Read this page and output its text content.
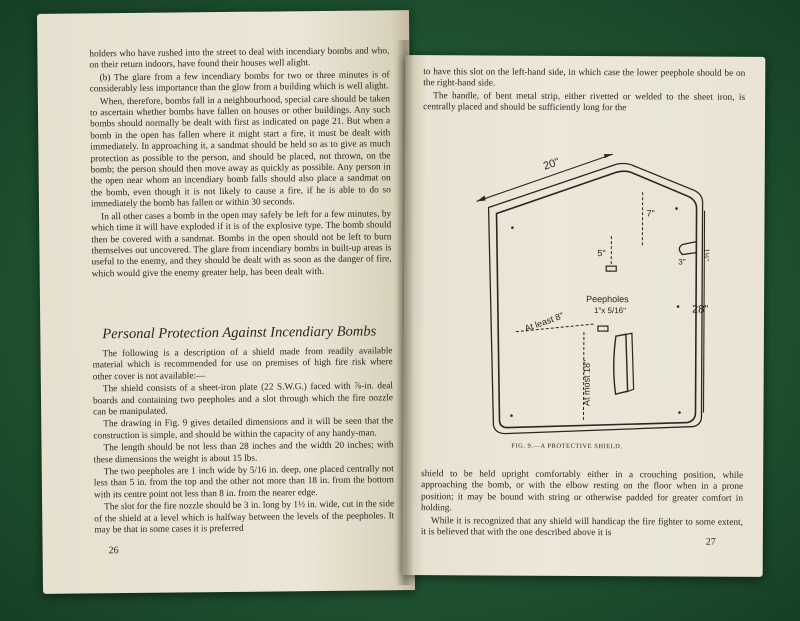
holders who have rushed into the street to deal with incendiary bombs and who, on their return indoors, have found their houses well alight.

(b) The glare from a few incendiary bombs for two or three minutes is of considerably less importance than the glow from a building which is well alight.

When, therefore, bombs fall in a neighbourhood, special care should be taken to ascertain whether bombs have fallen on houses or other buildings. Any such bombs should normally be dealt with first as indicated on page 21. But when a bomb in the open has fallen where it might start a fire, it must be dealt with immediately. In approaching it, a sandmat should be held so as to give as much protection as possible to the person, and should be placed, not thrown, on the bomb; the person should then move away as quickly as possible. Any person in the open near whom an incendiary bomb falls should also place a sandmat on the bomb, even though it is not likely to cause a fire, if he is able to do so immediately the bomb has fallen or within 30 seconds.

In all other cases a bomb in the open may safely be left for a few minutes, by which time it will have exploded if it is of the explosive type. The bomb should then be covered with a sandmat. Bombs in the open should not be left to burn themselves out uncovered. The glare from incendiary bombs in built-up areas is useful to the enemy, and they should be dealt with as soon as the danger of fire, which would give the enemy greater help, has been dealt with.

Personal Protection Against Incendiary Bombs

The following is a description of a shield made from readily available material which is recommended for use on premises of high fire risk where other cover is not available:—

The shield consists of a sheet-iron plate (22 S.W.G.) faced with ⅞-in. deal boards and containing two peepholes and a slot through which the fire nozzle can be manipulated.

The drawing in Fig. 9 gives detailed dimensions and it will be seen that the construction is simple, and should be within the capacity of any handy-man.

The length should be not less than 28 inches and the width 20 inches; with these dimensions the weight is about 15 lbs.

The two peepholes are 1 inch wide by 5/16 in. deep, one placed centrally not less than 5 in. from the top and the other not more than 18 in. from the bottom with its centre point not less than 8 in. from the nearer edge.

The slot for the fire nozzle should be 3 in. long by 1½ in. wide, cut in the side of the shield at a level which is halfway between the levels of the peepholes. It may be that in some cases it is preferred

26

to have this slot on the left-hand side, in which case the lower peephole should be on the right-hand side.

The handle, of bent metal strip, either rivetted or welded to the sheet iron, is centrally placed and should be sufficiently long for the

20"
28"
7"
5"	1½"
3"
Peepholes
1"x 5/16"
At least 8"
At most 18"
FIG. 9.—A PROTECTIVE SHIELD.

shield to be held upright comfortably either in a crouching position, while approaching the bomb, or with the elbow resting on the floor when in a prone position; it may be bound with string or otherwise padded for greater comfort in holding.

While it is recognized that any shield will handicap the fire fighter to some extent, it is believed that with the one described above it is

27
